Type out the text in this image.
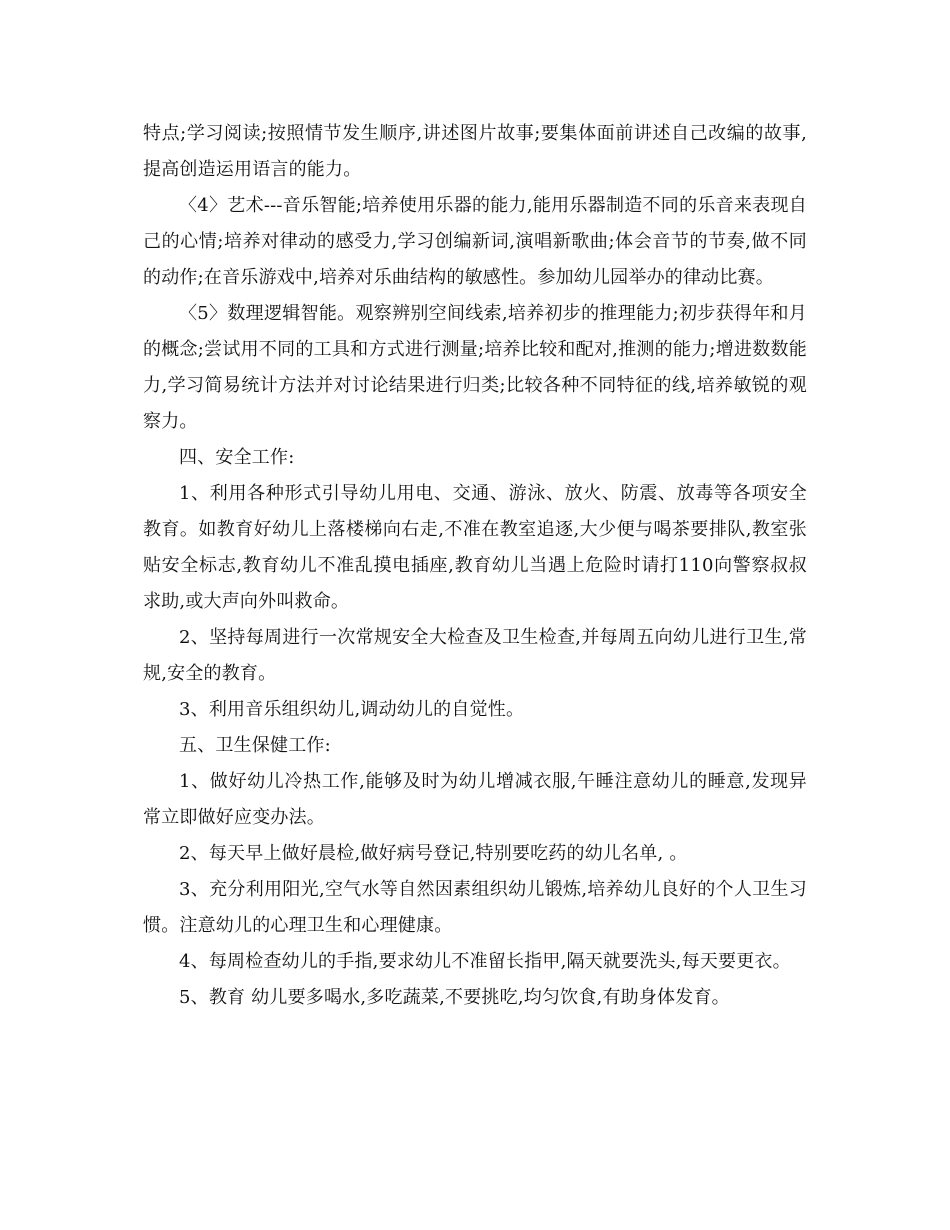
特点;学习阅读;按照情节发生顺序,讲述图片故事;要集体面前讲述自己改编的故事,提高创造运用语言的能力。

〈4〉艺术---音乐智能;培养使用乐器的能力,能用乐器制造不同的乐音来表现自己的心情;培养对律动的感受力,学习创编新词,演唱新歌曲;体会音节的节奏,做不同的动作;在音乐游戏中,培养对乐曲结构的敏感性。参加幼儿园举办的律动比赛。

〈5〉数理逻辑智能。观察辨别空间线索,培养初步的推理能力;初步获得年和月的概念;尝试用不同的工具和方式进行测量;培养比较和配对,推测的能力;增进数数能力,学习简易统计方法并对讨论结果进行归类;比较各种不同特征的线,培养敏锐的观察力。

四、安全工作:

1、利用各种形式引导幼儿用电、交通、游泳、放火、防震、放毒等各项安全教育。如教育好幼儿上落楼梯向右走,不准在教室追逐,大少便与喝茶要排队,教室张贴安全标志,教育幼儿不准乱摸电插座,教育幼儿当遇上危险时请打110向警察叔叔求助,或大声向外叫救命。

2、坚持每周进行一次常规安全大检查及卫生检查,并每周五向幼儿进行卫生,常规,安全的教育。

3、利用音乐组织幼儿,调动幼儿的自觉性。

五、卫生保健工作:

1、做好幼儿冷热工作,能够及时为幼儿增减衣服,午睡注意幼儿的睡意,发现异常立即做好应变办法。

2、每天早上做好晨检,做好病号登记,特别要吃药的幼儿名单, 。

3、充分利用阳光,空气水等自然因素组织幼儿锻炼,培养幼儿良好的个人卫生习惯。注意幼儿的心理卫生和心理健康。

4、每周检查幼儿的手指,要求幼儿不准留长指甲,隔天就要洗头,每天要更衣。

5、教育 幼儿要多喝水,多吃蔬菜,不要挑吃,均匀饮食,有助身体发育。
